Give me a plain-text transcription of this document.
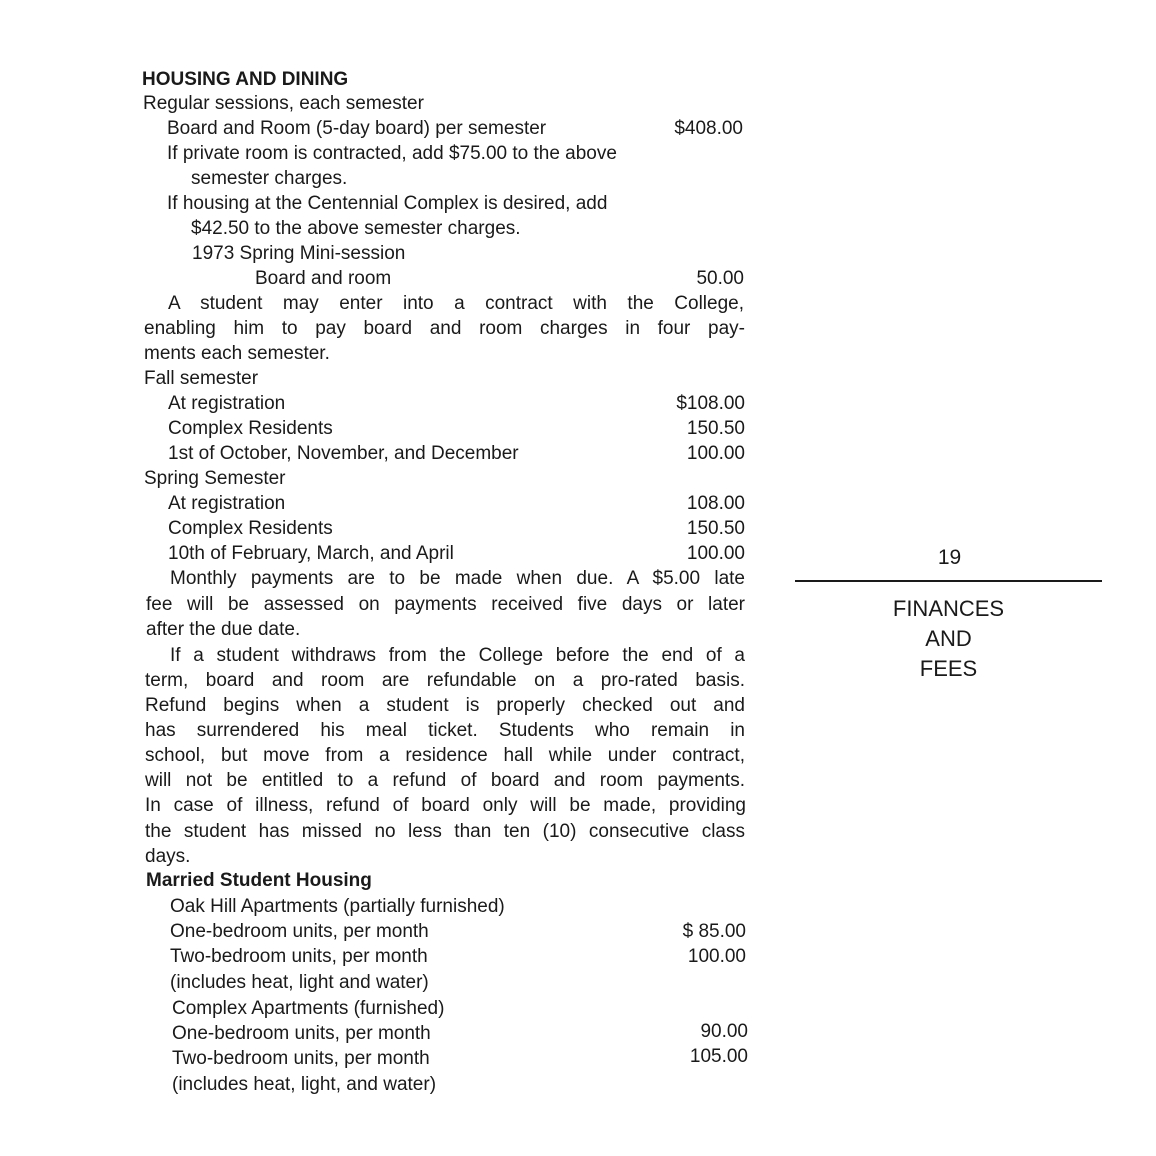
HOUSING AND DINING
Regular sessions, each semester
Board and Room (5-day board) per semester	$408.00
If private room is contracted, add $75.00 to the above
semester charges.
If housing at the Centennial Complex is desired, add
$42.50 to the above semester charges.
1973 Spring Mini-session
Board and room	50.00
A student may enter into a contract with the College,
enabling him to pay board and room charges in four pay-
ments each semester.
Fall semester
At registration	$108.00
Complex Residents	150.50
1st of October, November, and December	100.00
Spring Semester
At registration	108.00
Complex Residents	150.50
10th of February, March, and April	100.00
Monthly payments are to be made when due. A $5.00 late
fee will be assessed on payments received five days or later
after the due date.
If a student withdraws from the College before the end of a
term, board and room are refundable on a pro-rated basis.
Refund begins when a student is properly checked out and
has surrendered his meal ticket. Students who remain in
school, but move from a residence hall while under contract,
will not be entitled to a refund of board and room payments.
In case of illness, refund of board only will be made, providing
the student has missed no less than ten (10) consecutive class
days.
Married Student Housing
Oak Hill Apartments (partially furnished)
One-bedroom units, per month	$ 85.00
Two-bedroom units, per month	100.00
(includes heat, light and water)
Complex Apartments (furnished)
One-bedroom units, per month	90.00
Two-bedroom units, per month	105.00
(includes heat, light, and water)
19
FINANCES
AND
FEES
